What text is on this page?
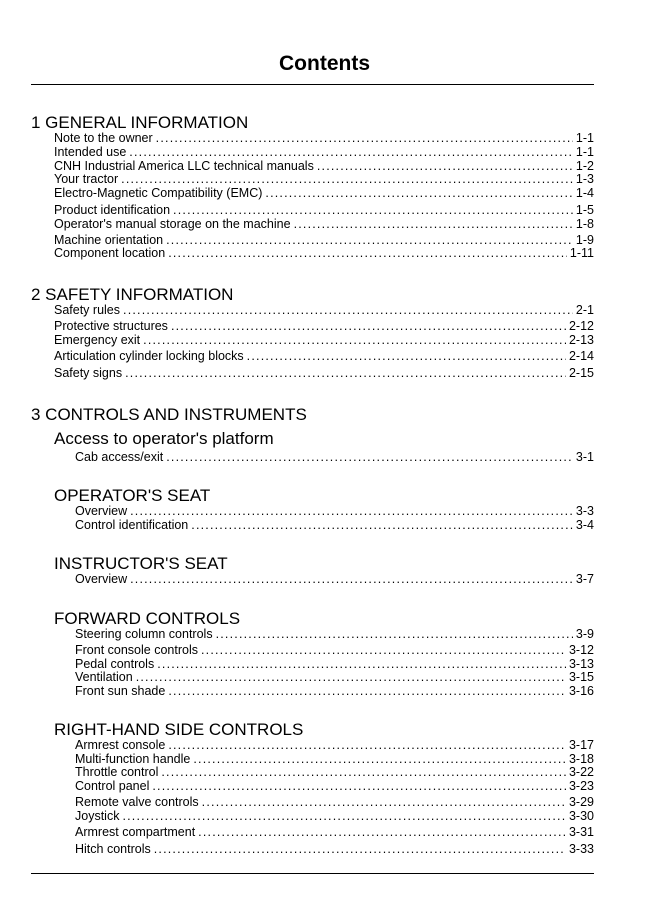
Contents
1 GENERAL INFORMATION
Note to the owner .....	1-1
Intended use .....	1-1
CNH Industrial America LLC technical manuals .....	1-2
Your tractor .....	1-3
Electro-Magnetic Compatibility (EMC) .....	1-4
Product identification .....	1-5
Operator's manual storage on the machine .....	1-8
Machine orientation .....	1-9
Component location .....	1-11
2 SAFETY INFORMATION
Safety rules .....	2-1
Protective structures .....	2-12
Emergency exit .....	2-13
Articulation cylinder locking blocks .....	2-14
Safety signs .....	2-15
3 CONTROLS AND INSTRUMENTS
Access to operator's platform
Cab access/exit .....	3-1
OPERATOR'S SEAT
Overview .....	3-3
Control identification .....	3-4
INSTRUCTOR'S SEAT
Overview .....	3-7
FORWARD CONTROLS
Steering column controls .....	3-9
Front console controls .....	3-12
Pedal controls .....	3-13
Ventilation .....	3-15
Front sun shade .....	3-16
RIGHT-HAND SIDE CONTROLS
Armrest console .....	3-17
Multi-function handle .....	3-18
Throttle control .....	3-22
Control panel .....	3-23
Remote valve controls .....	3-29
Joystick .....	3-30
Armrest compartment .....	3-31
Hitch controls .....	3-33
